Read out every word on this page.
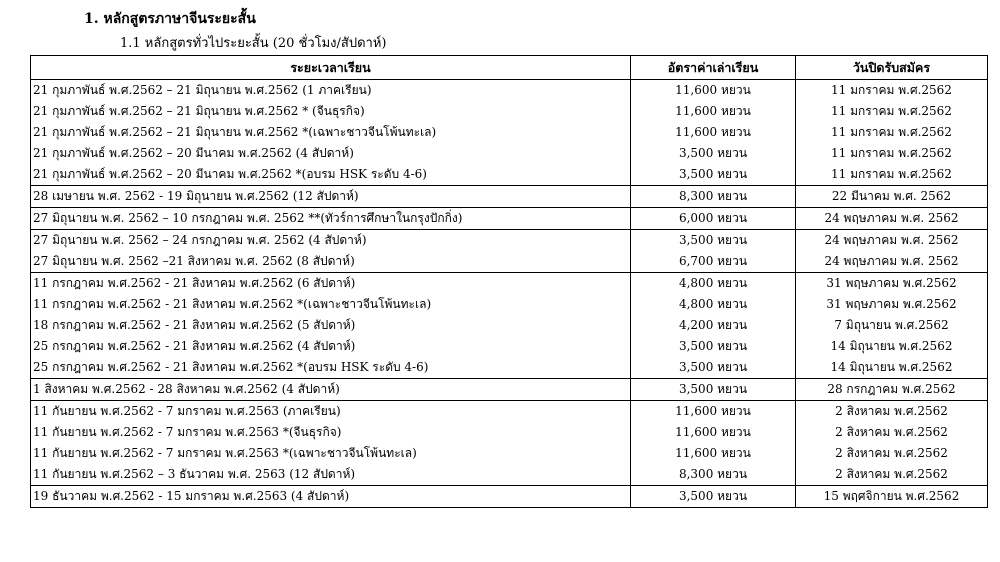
1. หลักสูตรภาษาจีนระยะสั้น
1.1 หลักสูตรทั่วไประยะสั้น (20 ชั่วโมง/สัปดาห์)
ระยะเวลาเรียน	อัตราค่าเล่าเรียน	วันปิดรับสมัคร
21 กุมภาพันธ์ พ.ศ.2562 – 21 มิถุนายน พ.ศ.2562 (1 ภาคเรียน)	11,600 หยวน	11 มกราคม พ.ศ.2562
21 กุมภาพันธ์ พ.ศ.2562 – 21 มิถุนายน พ.ศ.2562 * (จีนธุรกิจ)	11,600 หยวน	11 มกราคม พ.ศ.2562
21 กุมภาพันธ์ พ.ศ.2562 – 21 มิถุนายน พ.ศ.2562 *(เฉพาะชาวจีนโพ้นทะเล)	11,600 หยวน	11 มกราคม พ.ศ.2562
21 กุมภาพันธ์ พ.ศ.2562 – 20 มีนาคม พ.ศ.2562 (4 สัปดาห์)	3,500 หยวน	11 มกราคม พ.ศ.2562
21 กุมภาพันธ์ พ.ศ.2562 – 20 มีนาคม พ.ศ.2562 *(อบรม HSK ระดับ 4-6)	3,500 หยวน	11 มกราคม พ.ศ.2562
28 เมษายน พ.ศ. 2562 - 19 มิถุนายน พ.ศ.2562 (12 สัปดาห์)	8,300 หยวน	22 มีนาคม พ.ศ. 2562
27 มิถุนายน พ.ศ. 2562 – 10 กรกฎาคม พ.ศ. 2562 **(ทัวร์การศึกษาในกรุงปักกิ่ง)	6,000 หยวน	24 พฤษภาคม พ.ศ. 2562
27 มิถุนายน พ.ศ. 2562 – 24 กรกฎาคม พ.ศ. 2562 (4 สัปดาห์)	3,500 หยวน	24 พฤษภาคม พ.ศ. 2562
27 มิถุนายน พ.ศ. 2562 –21 สิงหาคม พ.ศ. 2562 (8 สัปดาห์)	6,700 หยวน	24 พฤษภาคม พ.ศ. 2562
11 กรกฎาคม พ.ศ.2562 - 21 สิงหาคม พ.ศ.2562 (6 สัปดาห์)	4,800 หยวน	31 พฤษภาคม พ.ศ.2562
11 กรกฎาคม พ.ศ.2562 - 21 สิงหาคม พ.ศ.2562 *(เฉพาะชาวจีนโพ้นทะเล)	4,800 หยวน	31 พฤษภาคม พ.ศ.2562
18 กรกฎาคม พ.ศ.2562 - 21 สิงหาคม พ.ศ.2562 (5 สัปดาห์)	4,200 หยวน	7 มิถุนายน พ.ศ.2562
25 กรกฎาคม พ.ศ.2562 - 21 สิงหาคม พ.ศ.2562 (4 สัปดาห์)	3,500 หยวน	14 มิถุนายน พ.ศ.2562
25 กรกฎาคม พ.ศ.2562 - 21 สิงหาคม พ.ศ.2562 *(อบรม HSK ระดับ 4-6)	3,500 หยวน	14 มิถุนายน พ.ศ.2562
1 สิงหาคม พ.ศ.2562 - 28 สิงหาคม พ.ศ.2562 (4 สัปดาห์)	3,500 หยวน	28 กรกฎาคม พ.ศ.2562
11 กันยายน พ.ศ.2562 - 7 มกราคม พ.ศ.2563 (ภาคเรียน)	11,600 หยวน	2 สิงหาคม พ.ศ.2562
11 กันยายน พ.ศ.2562 - 7 มกราคม พ.ศ.2563 *(จีนธุรกิจ)	11,600 หยวน	2 สิงหาคม พ.ศ.2562
11 กันยายน พ.ศ.2562 - 7 มกราคม พ.ศ.2563 *(เฉพาะชาวจีนโพ้นทะเล)	11,600 หยวน	2 สิงหาคม พ.ศ.2562
11 กันยายน พ.ศ.2562 – 3 ธันวาคม พ.ศ. 2563 (12 สัปดาห์)	8,300 หยวน	2 สิงหาคม พ.ศ.2562
19 ธันวาคม พ.ศ.2562 - 15 มกราคม พ.ศ.2563 (4 สัปดาห์)	3,500 หยวน	15 พฤศจิกายน พ.ศ.2562
